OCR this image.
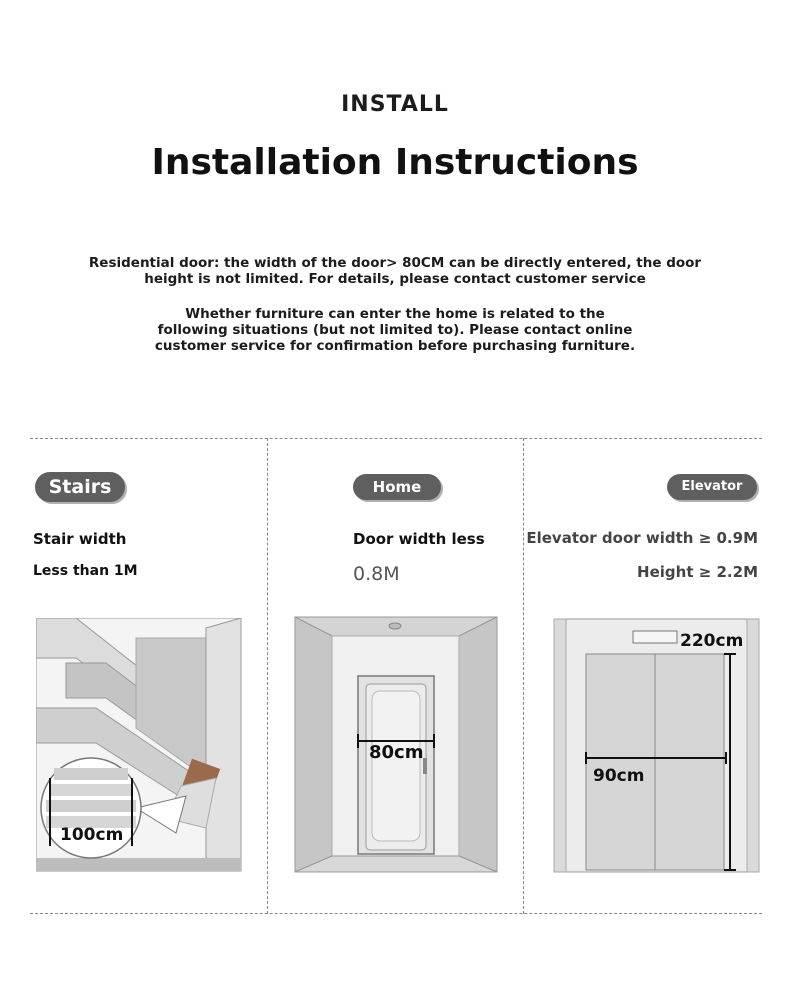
INSTALL
Installation Instructions
Residential door: the width of the door> 80CM can be directly entered, the door height is not limited. For details, please contact customer service
Whether furniture can enter the home is related to the following situations (but not limited to). Please contact online customer service for confirmation before purchasing furniture.
Stairs
Stair width
Less than 1M
100cm
Home
Door width less
0.8M
80cm
Elevator
Elevator door width ≥ 0.9M
Height ≥ 2.2M
220cm
90cm
